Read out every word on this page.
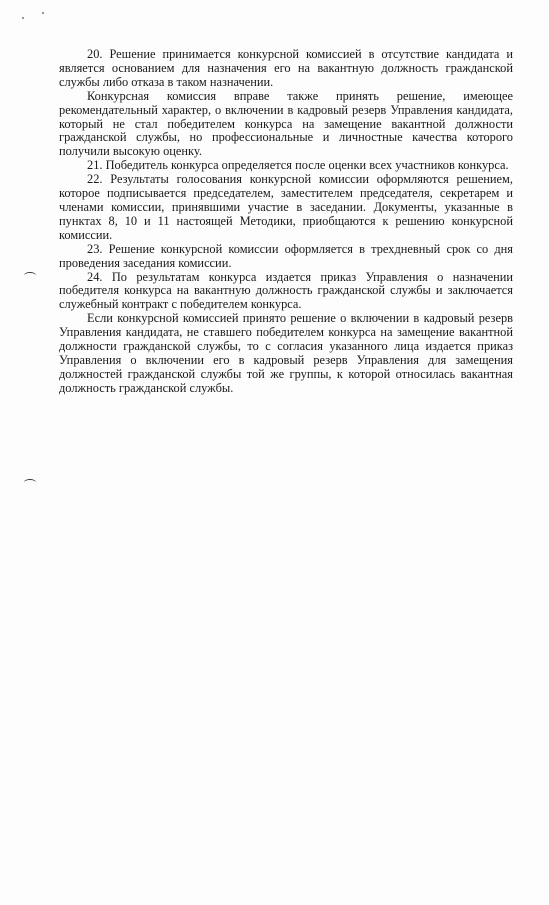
20. Решение принимается конкурсной комиссией в отсутствие кандидата и является основанием для назначения его на вакантную должность гражданской службы либо отказа в таком назначении.

Конкурсная комиссия вправе также принять решение, имеющее рекомендательный характер, о включении в кадровый резерв Управления кандидата, который не стал победителем конкурса на замещение вакантной должности гражданской службы, но профессиональные и личностные качества которого получили высокую оценку.

21. Победитель конкурса определяется после оценки всех участников конкурса.

22. Результаты голосования конкурсной комиссии оформляются решением, которое подписывается председателем, заместителем председателя, секретарем и членами комиссии, принявшими участие в заседании. Документы, указанные в пунктах 8, 10 и 11 настоящей Методики, приобщаются к решению конкурсной комиссии.

23. Решение конкурсной комиссии оформляется в трехдневный срок со дня проведения заседания комиссии.

24. По результатам конкурса издается приказ Управления о назначении победителя конкурса на вакантную должность гражданской службы и заключается служебный контракт с победителем конкурса.

Если конкурсной комиссией принято решение о включении в кадровый резерв Управления кандидата, не ставшего победителем конкурса на замещение вакантной должности гражданской службы, то с согласия указанного лица издается приказ Управления о включении его в кадровый резерв Управления для замещения должностей гражданской службы той же группы, к которой относилась вакантная должность гражданской службы.
